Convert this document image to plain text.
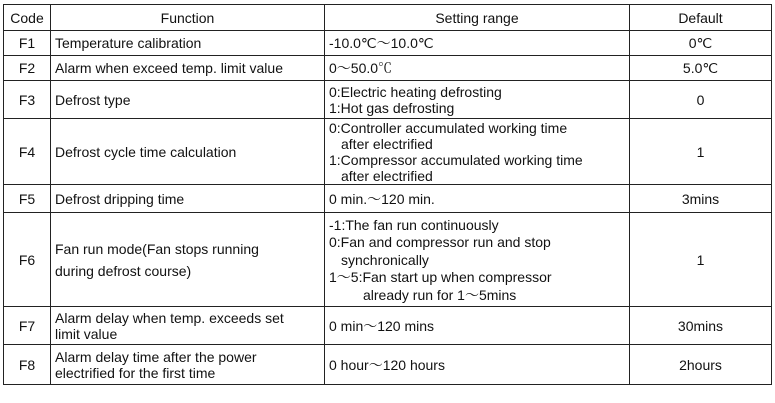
Code	Function	Setting range	Default
F1	Temperature calibration	-10.0℃～10.0℃	0℃
F2	Alarm when exceed temp. limit value	0～50.0℃	5.0℃
F3	Defrost type	0:Electric heating defrosting
1:Hot gas defrosting	0
F4	Defrost cycle time calculation	0:Controller accumulated working time
after electrified
1:Compressor accumulated working time
after electrified	1
F5	Defrost dripping time	0 min.～120 min.	3mins
F6	Fan run mode(Fan stops running
during defrost course)	-1:The fan run continuously
0:Fan and compressor run and stop
synchronically
1～5:Fan start up when compressor
already run for 1～5mins	1
F7	Alarm delay when temp. exceeds set
limit value	0 min～120 mins	30mins
F8	Alarm delay time after the power
electrified for the first time	0 hour～120 hours	2hours
